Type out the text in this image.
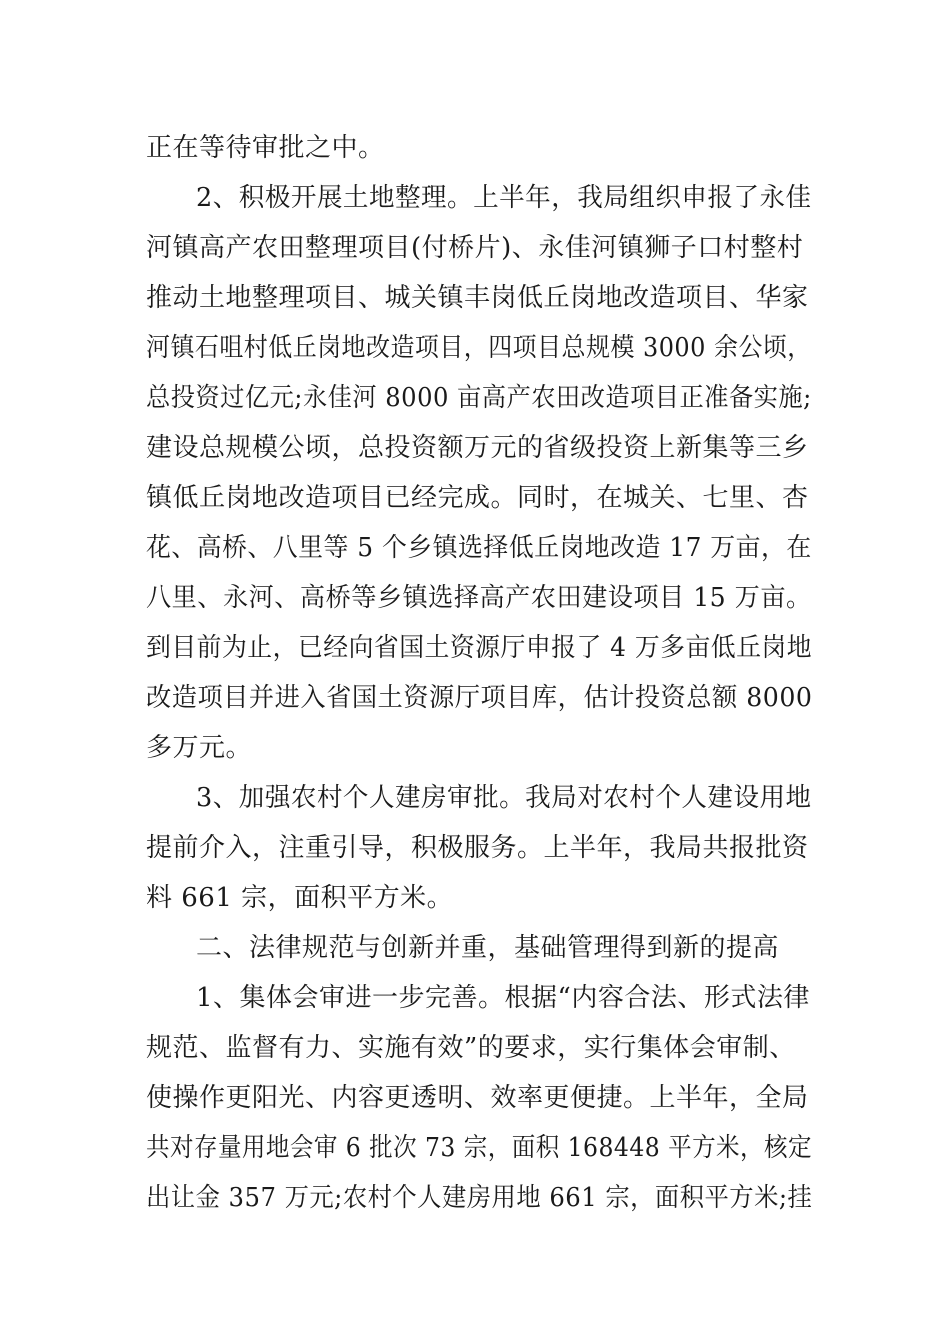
正在等待审批之中。
2、积极开展土地整理。上半年，我局组织申报了永佳
河镇高产农田整理项目(付桥片)、永佳河镇狮子口村整村
推动土地整理项目、城关镇丰岗低丘岗地改造项目、华家
河镇石咀村低丘岗地改造项目，四项目总规模 3000 余公顷，
总投资过亿元;永佳河 8000 亩高产农田改造项目正准备实施;
建设总规模公顷，总投资额万元的省级投资上新集等三乡
镇低丘岗地改造项目已经完成。同时，在城关、七里、杏
花、高桥、八里等 5 个乡镇选择低丘岗地改造 17 万亩，在
八里、永河、高桥等乡镇选择高产农田建设项目 15 万亩。
到目前为止，已经向省国土资源厅申报了 4 万多亩低丘岗地
改造项目并进入省国土资源厅项目库，估计投资总额 8000
多万元。
3、加强农村个人建房审批。我局对农村个人建设用地
提前介入，注重引导，积极服务。上半年，我局共报批资
料 661 宗，面积平方米。
二、法律规范与创新并重，基础管理得到新的提高
1、集体会审进一步完善。根据“内容合法、形式法律
规范、监督有力、实施有效”的要求，实行集体会审制、
使操作更阳光、内容更透明、效率更便捷。上半年，全局
共对存量用地会审 6 批次 73 宗，面积 168448 平方米，核定
出让金 357 万元;农村个人建房用地 661 宗，面积平方米;挂
